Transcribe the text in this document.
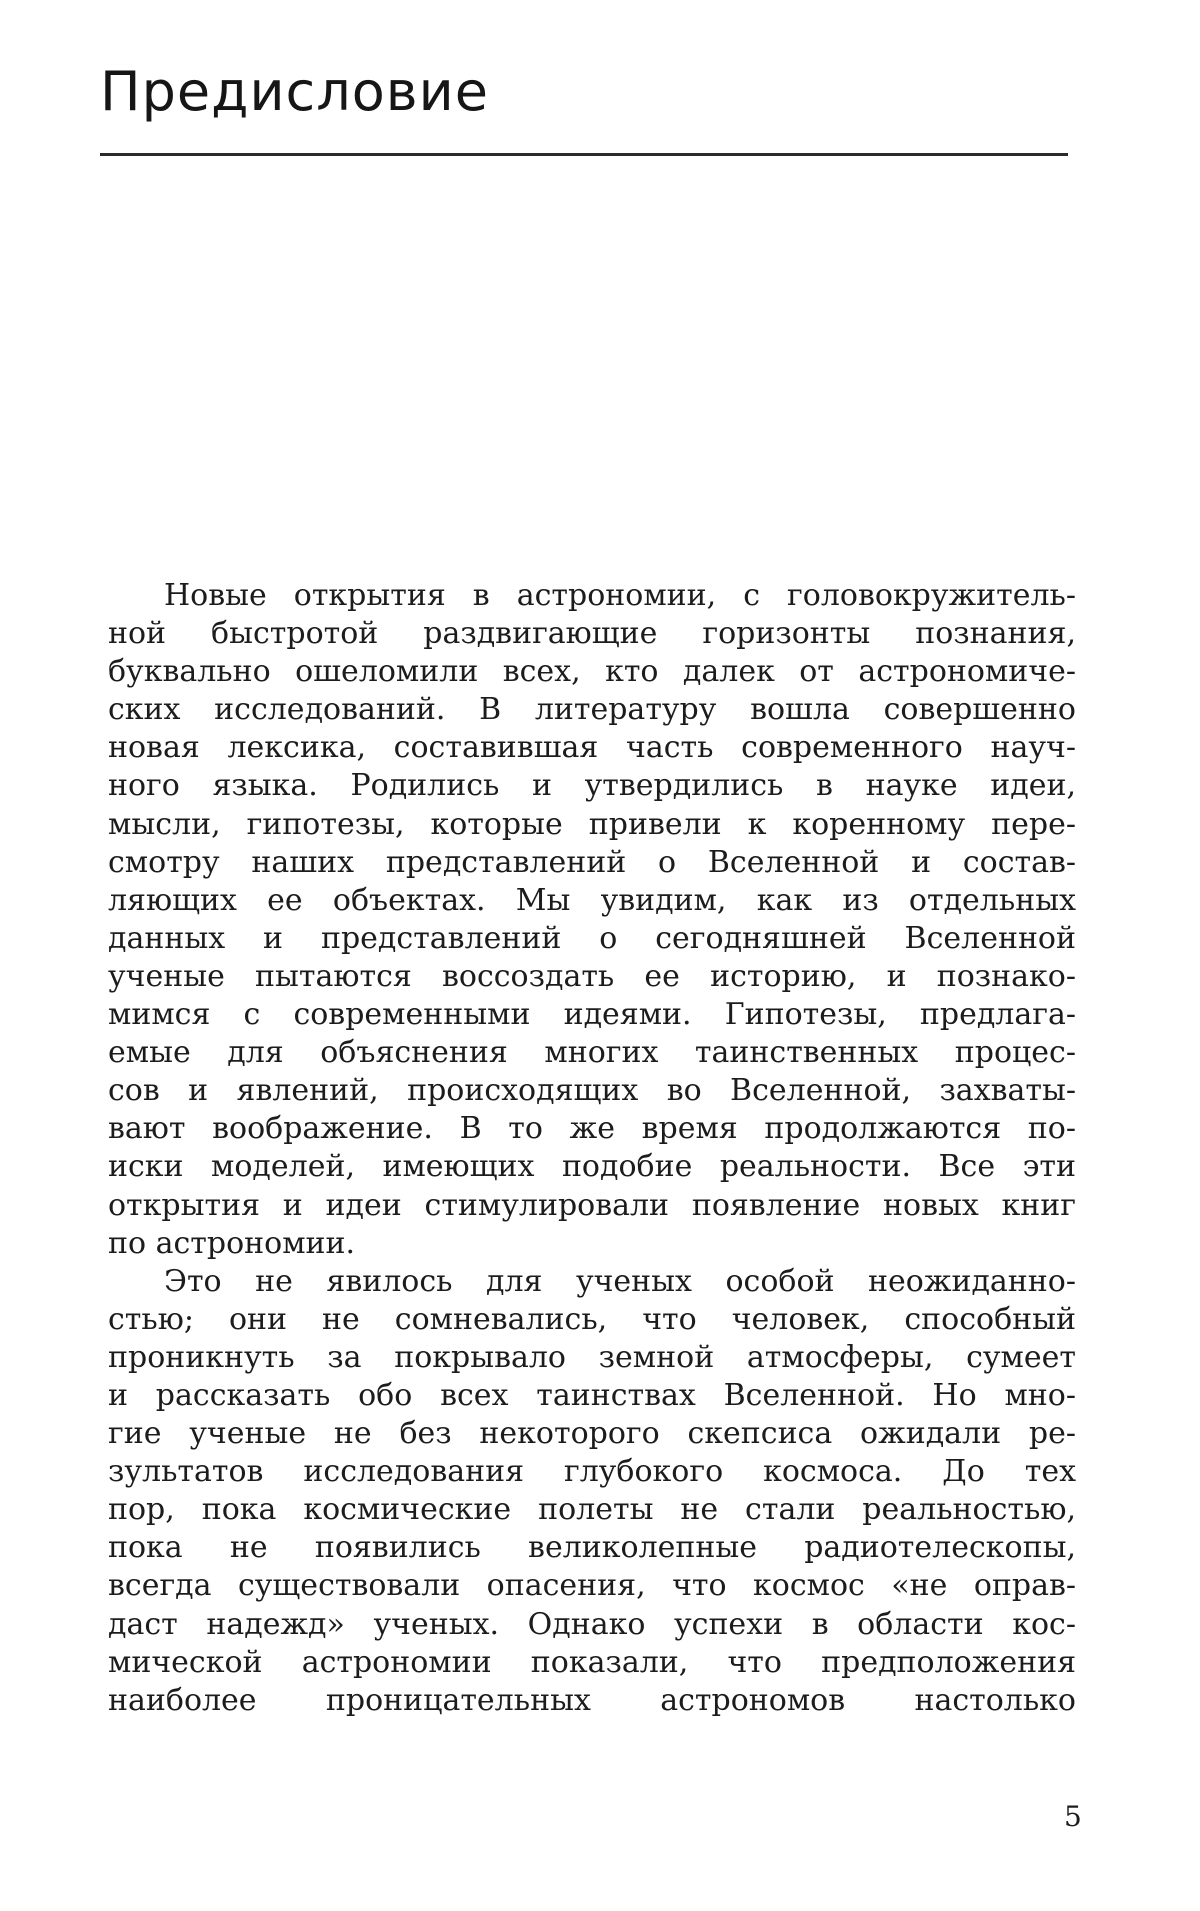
Предисловие

Новые открытия в астрономии, с головокружитель-
ной быстротой раздвигающие горизонты познания,
буквально ошеломили всех, кто далек от астрономиче-
ских исследований. В литературу вошла совершенно
новая лексика, составившая часть современного науч-
ного языка. Родились и утвердились в науке идеи,
мысли, гипотезы, которые привели к коренному пере-
смотру наших представлений о Вселенной и состав-
ляющих ее объектах. Мы увидим, как из отдельных
данных и представлений о сегодняшней Вселенной
ученые пытаются воссоздать ее историю, и познако-
мимся с современными идеями. Гипотезы, предлага-
емые для объяснения многих таинственных процес-
сов и явлений, происходящих во Вселенной, захваты-
вают воображение. В то же время продолжаются по-
иски моделей, имеющих подобие реальности. Все эти
открытия и идеи стимулировали появление новых книг
по астрономии.

Это не явилось для ученых особой неожиданно-
стью; они не сомневались, что человек, способный
проникнуть за покрывало земной атмосферы, сумеет
и рассказать обо всех таинствах Вселенной. Но мно-
гие ученые не без некоторого скепсиса ожидали ре-
зультатов исследования глубокого космоса. До тех
пор, пока космические полеты не стали реальностью,
пока не появились великолепные радиотелескопы,
всегда существовали опасения, что космос «не оправ-
даст надежд» ученых. Однако успехи в области кос-
мической астрономии показали, что предположения
наиболее проницательных астрономов настолько

5
